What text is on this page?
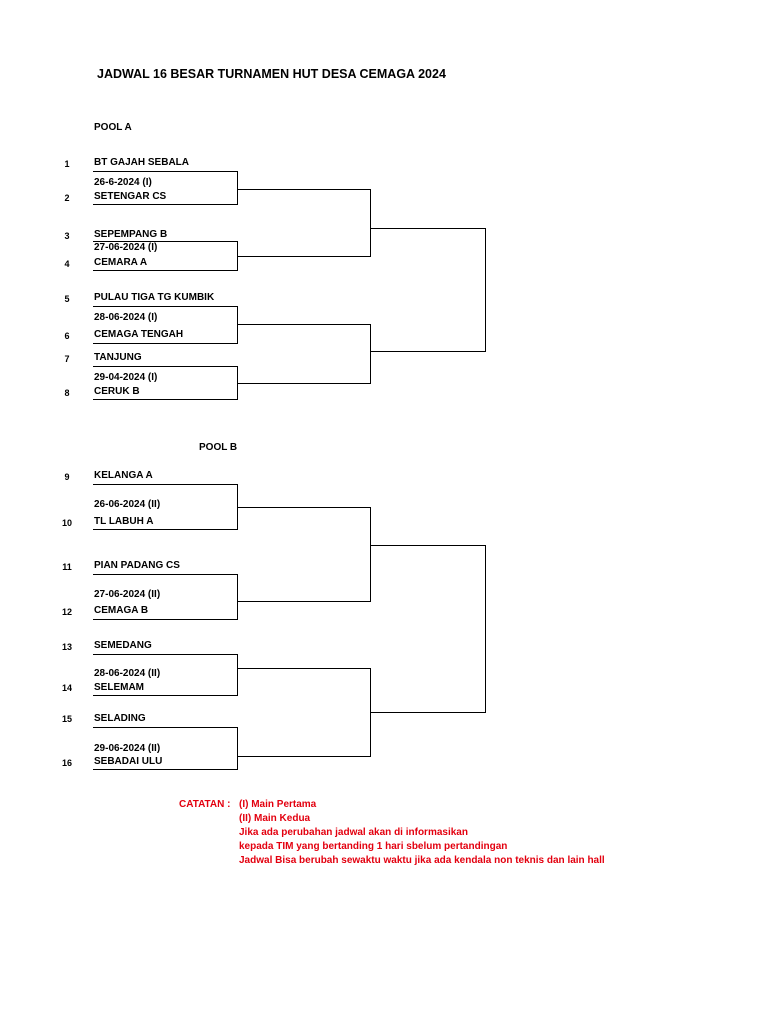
JADWAL 16 BESAR TURNAMEN HUT DESA CEMAGA 2024
POOL A
POOL B
1
2
3
4
5
6
7
8
9
10
11
12
13
14
15
16
BT GAJAH SEBALA
SETENGAR CS
SEPEMPANG B
CEMARA A
PULAU TIGA TG KUMBIK
CEMAGA TENGAH
TANJUNG
CERUK B
KELANGA A
TL LABUH A
PIAN PADANG CS
CEMAGA B
SEMEDANG
SELEMAM
SELADING
SEBADAI ULU
26-6-2024 (I)
27-06-2024 (I)
28-06-2024 (I)
29-04-2024 (I)
26-06-2024 (II)
27-06-2024 (II)
28-06-2024 (II)
29-06-2024 (II)
CATATAN : (I) Main Pertama
(II) Main Kedua
Jika ada perubahan jadwal akan di informasikan
kepada TIM yang bertanding 1 hari sbelum pertandingan
Jadwal Bisa berubah sewaktu waktu jika ada kendala non teknis dan lain hall
